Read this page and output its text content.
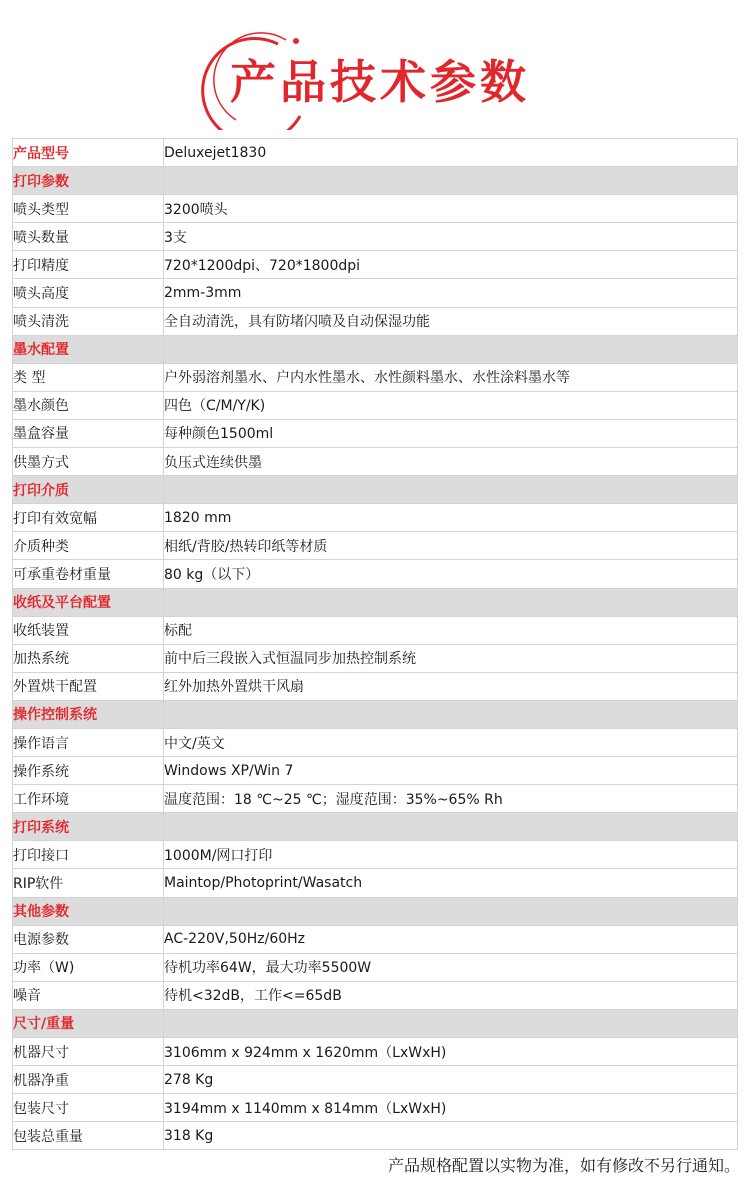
产品技术参数
产品型号	Deluxejet1830
打印参数	
喷头类型	3200喷头
喷头数量	3支
打印精度	720*1200dpi、720*1800dpi
喷头高度	2mm-3mm
喷头清洗	全自动清洗，具有防堵闪喷及自动保湿功能
墨水配置	
类 型	户外弱溶剂墨水、户内水性墨水、水性颜料墨水、水性涂料墨水等
墨水颜色	四色（C/M/Y/K)
墨盒容量	每种颜色1500ml
供墨方式	负压式连续供墨
打印介质	
打印有效宽幅	1820 mm
介质种类	相纸/背胶/热转印纸等材质
可承重卷材重量	80 kg（以下）
收纸及平台配置	
收纸装置	标配
加热系统	前中后三段嵌入式恒温同步加热控制系统
外置烘干配置	红外加热外置烘干风扇
操作控制系统	
操作语言	中文/英文
操作系统	Windows XP/Win 7
工作环境	温度范围：18 ℃~25 ℃；湿度范围：35%~65% Rh
打印系统	
打印接口	1000M/网口打印
RIP软件	Maintop/Photoprint/Wasatch
其他参数	
电源参数	AC-220V,50Hz/60Hz
功率（W)	待机功率64W，最大功率5500W
噪音	待机<32dB，工作<=65dB
尺寸/重量	
机器尺寸	3106mm x 924mm x 1620mm（LxWxH)
机器净重	278 Kg
包装尺寸	3194mm x 1140mm x 814mm（LxWxH)
包装总重量	318 Kg
产品规格配置以实物为准，如有修改不另行通知。
